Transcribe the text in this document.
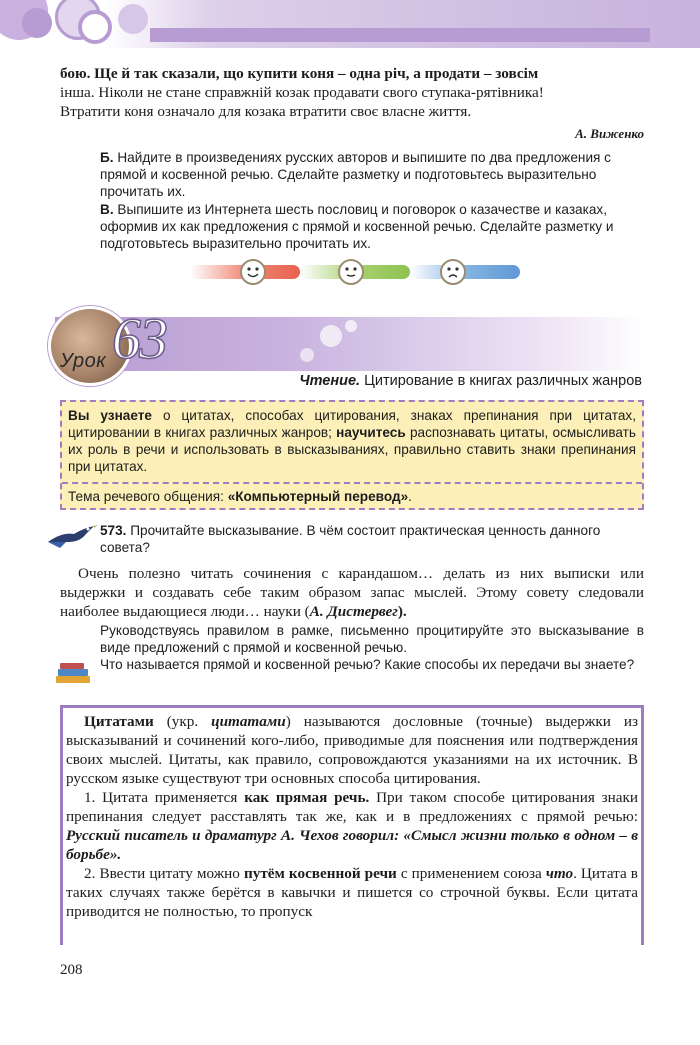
бою. Ще й так сказали, що купити коня – одна річ, а продати – зовсім

інша. Ніколи не стане справжній козак продавати свого ступака-рятівника!

Втратити коня означало для козака втратити своє власне життя.

А. Виженко

Б. Найдите в произведениях русских авторов и выпишите по два предложения с прямой и косвенной речью. Сделайте разметку и подготовьтесь выразительно прочитать их.

В. Выпишите из Интернета шесть пословиц и поговорок о казачестве и казаках, оформив их как предложения с прямой и косвенной речью. Сделайте разметку и подготовьтесь выразительно прочитать их.

63
Урок
Чтение. Цитирование в книгах различных жанров
Вы узнаете о цитатах, способах цитирования, знаках препинания при цитатах, цитировании в книгах различных жанров; научитесь распознавать цитаты, осмысливать их роль в речи и использовать в высказываниях, правильно ставить знаки препинания при цитатах.
Тема речевого общения: «Компьютерный перевод».
573. Прочитайте высказывание. В чём состоит практическая ценность данного совета?
Очень полезно читать сочинения с карандашом… делать из них выписки или выдержки и создавать себе таким образом запас мыслей. Этому совету следовали наиболее выдающиеся люди… науки (А. Дистервег).
Руководствуясь правилом в рамке, письменно процитируйте это высказывание в виде предложений с прямой и косвенной речью.
Что называется прямой и косвенной речью? Какие способы их передачи вы знаете?

Цитатами (укр. цитатами) называются дословные (точные) выдержки из высказываний и сочинений кого-либо, приводимые для пояснения или подтверждения своих мыслей. Цитаты, как правило, сопровождаются указаниями на их источник. В русском языке существуют три основных способа цитирования.

1. Цитата применяется как прямая речь. При таком способе цитирования знаки препинания следует расставлять так же, как и в предложениях с прямой речью: Русский писатель и драматург А. Чехов говорил: «Смысл жизни только в одном – в борьбе».

2. Ввести цитату можно путём косвенной речи с применением союза что. Цитата в таких случаях также берётся в кавычки и пишется со строчной буквы. Если цитата приводится не полностью, то пропуск

208
